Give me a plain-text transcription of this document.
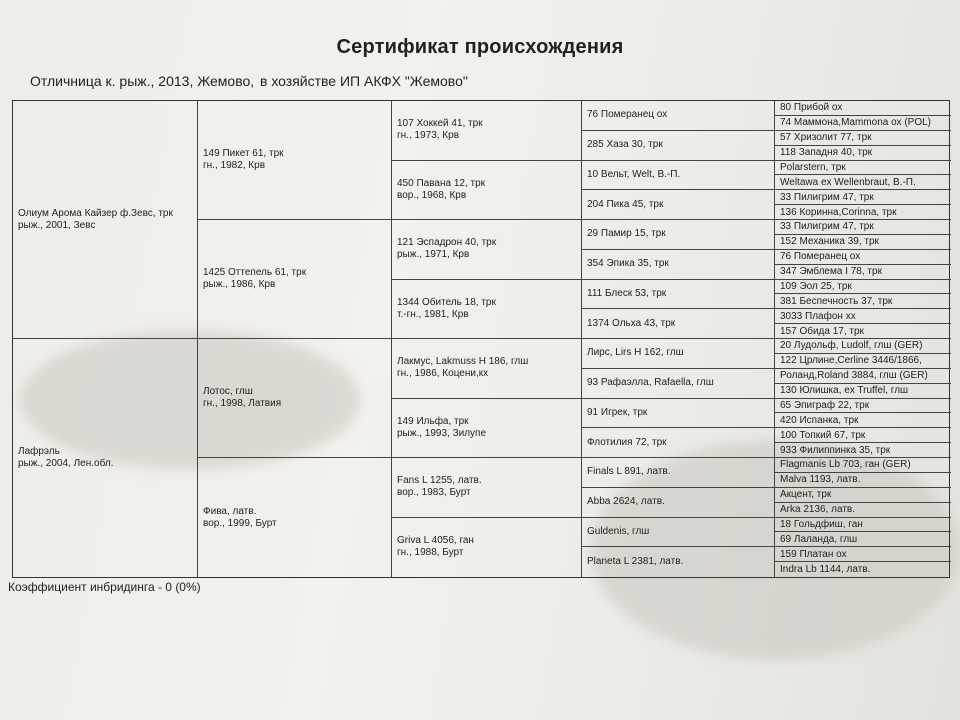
Сертификат происхождения
Отличница к. рыж., 2013, Жемово, в хозяйстве ИП АКФХ "Жемово"
Олиум Арома Кайзер ф.Зевс, трк
рыж., 2001, Зевс
149 Пикет 61, трк
гн., 1982, Крв
107 Хоккей 41, трк
гн., 1973, Крв
76 Померанец ох
80 Прибой ох
74 Маммона,Mammona ох (POL)
285 Хаза 30, трк
57 Хризолит 77, трк
118 Западня 40, трк
450 Павана 12, трк
вор., 1968, Крв
10 Вельт, Welt, В.-П.
Polarstern, трк
Weltawa ex Wellenbraut, В.-П.
204 Пика 45, трк
33 Пилигрим 47, трк
136 Коринна,Corinna, трк
1425 Оттепель 61, трк
рыж., 1986, Крв
121 Эспадрон 40, трк
рыж., 1971, Крв
29 Памир 15, трк
33 Пилигрим 47, трк
152 Механика 39, трк
354 Эпика 35, трк
76 Померанец ох
347 Эмблема I 78, трк
1344 Обитель 18, трк
т.-гн., 1981, Крв
111 Блеск 53, трк
109 Эол 25, трк
381 Беспечность 37, трк
1374 Ольха 43, трк
3033 Плафон хх
157 Обида 17, трк
Лафрэль
рыж., 2004, Лен.обл.
Лотос, глш
гн., 1998, Латвия
Лакмус, Lakmuss H 186, глш
гн., 1986, Коцени,кх
Лирс, Lirs H 162, глш
20 Лудольф, Ludolf, глш (GER)
122 Црлине,Cerline 3446/1866,
93 Рафаэлла, Rafaella, глш
Роланд,Roland 3884, глш (GER)
130 Юлишка, ex Truffel, глш
149 Ильфа, трк
рыж., 1993, Зилупе
91 Игрек, трк
65 Эпиграф 22, трк
420 Испанка, трк
Флотилия 72, трк
100 Топкий 67, трк
933 Филиппинка 35, трк
Фива, латв.
вор., 1999, Бурт
Fans L 1255, латв.
вор., 1983, Бурт
Finals L 891, латв.
Flagmanis Lb 703, ган (GER)
Malva 1193, латв.
Abba 2624, латв.
Акцент, трк
Arka 2136, латв.
Griva L 4056, ган
гн., 1988, Бурт
Guldenis, глш
18 Гольдфиш, ган
69 Лаланда, глш
Planeta L 2381, латв.
159 Платан ох
Indra Lb 1144, латв.
Коэффициент инбридинга - 0 (0%)
